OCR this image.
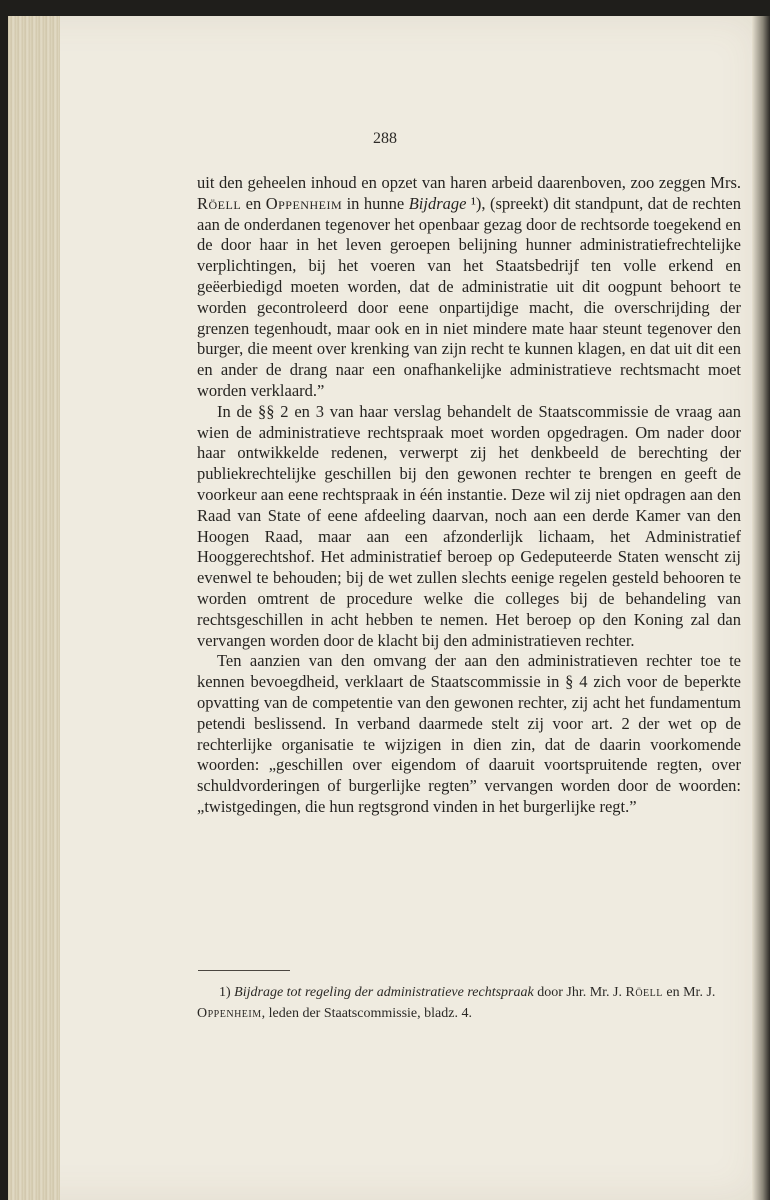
288

uit den geheelen inhoud en opzet van haren arbeid daarenboven, zoo zeggen Mrs. Röell en Oppenheim in hunne Bijdrage ¹), (spreekt) dit standpunt, dat de rechten aan de onderdanen tegenover het openbaar gezag door de rechtsorde toegekend en de door haar in het leven geroepen belijning hunner administratiefrechtelijke verplichtingen, bij het voeren van het Staatsbedrijf ten volle erkend en geëerbiedigd moeten worden, dat de administratie uit dit oogpunt behoort te worden gecontroleerd door eene onpartijdige macht, die overschrijding der grenzen tegenhoudt, maar ook en in niet mindere mate haar steunt tegenover den burger, die meent over krenking van zijn recht te kunnen klagen, en dat uit dit een en ander de drang naar een onafhankelijke administratieve rechtsmacht moet worden verklaard.”

In de §§ 2 en 3 van haar verslag behandelt de Staatscommissie de vraag aan wien de administratieve rechtspraak moet worden opgedragen. Om nader door haar ontwikkelde redenen, verwerpt zij het denkbeeld de berechting der publiekrechtelijke geschillen bij den gewonen rechter te brengen en geeft de voorkeur aan eene rechtspraak in één instantie. Deze wil zij niet opdragen aan den Raad van State of eene afdeeling daarvan, noch aan een derde Kamer van den Hoogen Raad, maar aan een afzonderlijk lichaam, het Administratief Hooggerechtshof. Het administratief beroep op Gedeputeerde Staten wenscht zij evenwel te behouden; bij de wet zullen slechts eenige regelen gesteld behooren te worden omtrent de procedure welke die colleges bij de behandeling van rechtsgeschillen in acht hebben te nemen. Het beroep op den Koning zal dan vervangen worden door de klacht bij den administratieven rechter.

Ten aanzien van den omvang der aan den administratieven rechter toe te kennen bevoegdheid, verklaart de Staatscommissie in § 4 zich voor de beperkte opvatting van de competentie van den gewonen rechter, zij acht het fundamentum petendi beslissend. In verband daarmede stelt zij voor art. 2 der wet op de rechterlijke organisatie te wijzigen in dien zin, dat de daarin voorkomende woorden: „geschillen over eigendom of daaruit voortspruitende regten, over schuldvorderingen of burgerlijke regten” vervangen worden door de woorden: „twistgedingen, die hun regtsgrond vinden in het burgerlijke regt.”

1) Bijdrage tot regeling der administratieve rechtspraak door Jhr. Mr. J. Röell en Mr. J. Oppenheim, leden der Staatscommissie, bladz. 4.
